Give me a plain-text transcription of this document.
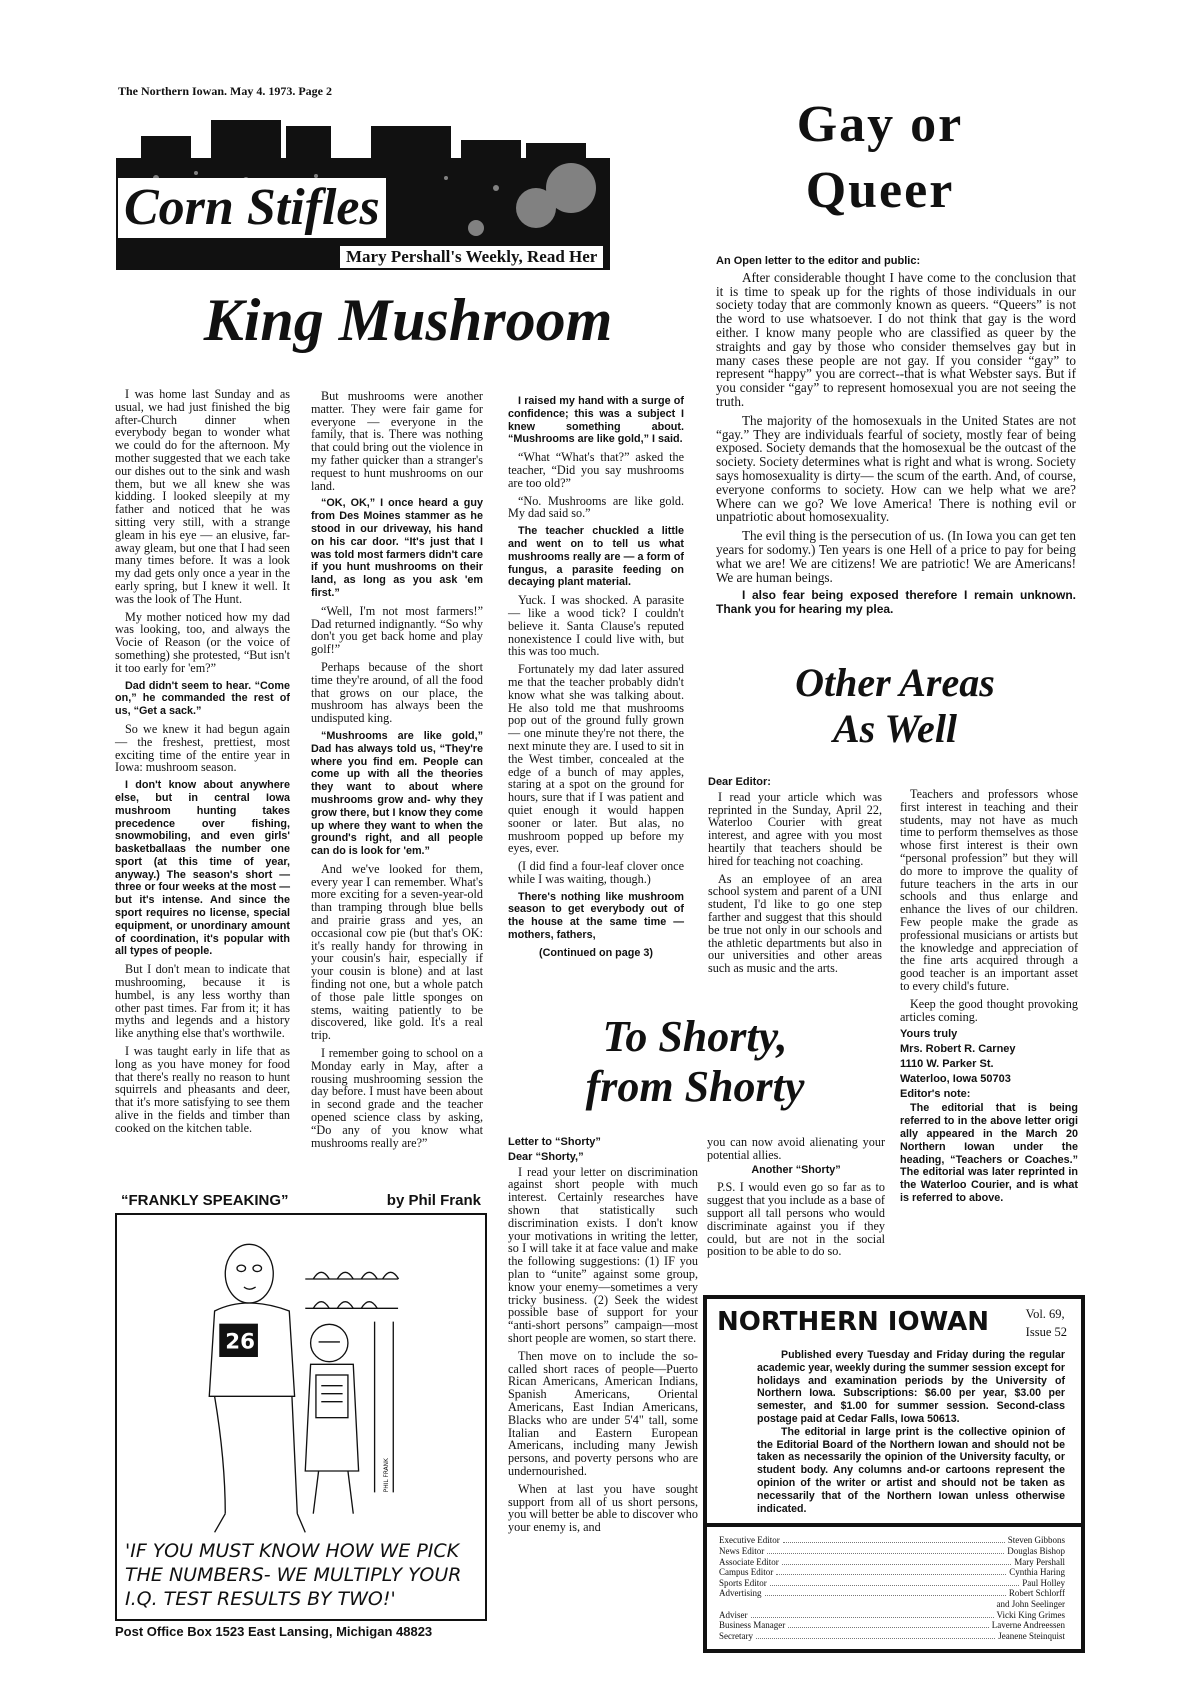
The Northern Iowan. May 4. 1973. Page 2
Corn Stifles
Mary Pershall's Weekly, Read Her
King Mushroom

I was home last Sunday and as usual, we had just finished the big after-Church dinner when everybody began to wonder what we could do for the afternoon. My mother suggested that we each take our dishes out to the sink and wash them, but we all knew she was kidding. I looked sleepily at my father and noticed that he was sitting very still, with a strange gleam in his eye — an elusive, far-away gleam, but one that I had seen many times before. It was a look my dad gets only once a year in the early spring, but I knew it well. It was the look of The Hunt.

My mother noticed how my dad was looking, too, and always the Vocie of Reason (or the voice of something) she protested, “But isn't it too early for 'em?”

Dad didn't seem to hear. “Come on,” he commanded the rest of us, “Get a sack.”

So we knew it had begun again — the freshest, prettiest, most exciting time of the entire year in Iowa: mushroom season.

I don't know about anywhere else, but in central Iowa mushroom hunting takes precedence over fishing, snowmobiling, and even girls' basketballaas the number one sport (at this time of year, anyway.) The season's short — three or four weeks at the most — but it's intense. And since the sport requires no license, special equipment, or unordinary amount of coordination, it's popular with all types of people.

But I don't mean to indicate that mushrooming, because it is humbel, is any less worthy than other past times. Far from it; it has myths and legends and a history like anything else that's worthwile.

I was taught early in life that as long as you have money for food that there's really no reason to hunt squirrels and pheasants and deer, that it's more satisfying to see them alive in the fields and timber than cooked on the kitchen table.

But mushrooms were another matter. They were fair game for everyone — everyone in the family, that is. There was nothing that could bring out the violence in my father quicker than a stranger's request to hunt mushrooms on our land.

“OK, OK,” I once heard a guy from Des Moines stammer as he stood in our driveway, his hand on his car door. “It's just that I was told most farmers didn't care if you hunt mushrooms on their land, as long as you ask 'em first.”

“Well, I'm not most farmers!” Dad returned indignantly. “So why don't you get back home and play golf!”

Perhaps because of the short time they're around, of all the food that grows on our place, the mushroom has always been the undisputed king.

“Mushrooms are like gold,” Dad has always told us, “They're where you find em. People can come up with all the theories they want to about where mushrooms grow and- why they grow there, but I know they come up where they want to when the ground's right, and all people can do is look for 'em.”

And we've looked for them, every year I can remember. What's more exciting for a seven-year-old than tramping through blue bells and prairie grass and yes, an occasional cow pie (but that's OK: it's really handy for throwing in your cousin's hair, especially if your cousin is blone) and at last finding not one, but a whole patch of those pale little sponges on stems, waiting patiently to be discovered, like gold. It's a real trip.

I remember going to school on a Monday early in May, after a rousing mushrooming session the day before. I must have been about in second grade and the teacher opened science class by asking, “Do any of you know what mushrooms really are?”

I raised my hand with a surge of confidence; this was a subject I knew something about. “Mushrooms are like gold,” I said.

“What “What's that?” asked the teacher, “Did you say mushrooms are too old?”

“No. Mushrooms are like gold. My dad said so.”

The teacher chuckled a little and went on to tell us what mushrooms really are — a form of fungus, a parasite feeding on decaying plant material.

Yuck. I was shocked. A parasite — like a wood tick? I couldn't believe it. Santa Clause's reputed nonexistence I could live with, but this was too much.

Fortunately my dad later assured me that the teacher probably didn't know what she was talking about. He also told me that mushrooms pop out of the ground fully grown — one minute they're not there, the next minute they are. I used to sit in the West timber, concealed at the edge of a bunch of may apples, staring at a spot on the ground for hours, sure that if I was patient and quiet enough it would happen sooner or later. But alas, no mushroom popped up before my eyes, ever.

(I did find a four-leaf clover once while I was waiting, though.)

There's nothing like mushroom season to get everybody out of the house at the same time — mothers, fathers,

(Continued on page 3)

Gay or
Queer

An Open letter to the editor and public:

After considerable thought I have come to the conclusion that it is time to speak up for the rights of those individuals in our society today that are commonly known as queers. “Queers” is not the word to use whatsoever. I do not think that gay is the word either. I know many people who are classified as queer by the straights and gay by those who consider themselves gay but in many cases these people are not gay. If you consider “gay” to represent “happy” you are correct--that is what Webster says. But if you consider “gay” to represent homosexual you are not seeing the truth.

The majority of the homosexuals in the United States are not “gay.” They are individuals fearful of society, mostly fear of being exposed. Society demands that the homosexual be the outcast of the society. Society determines what is right and what is wrong. Society says homosexuality is dirty— the scum of the earth. And, of course, everyone conforms to society. How can we help what we are? Where can we go? We love America! There is nothing evil or unpatriotic about homosexuality.

The evil thing is the persecution of us. (In Iowa you can get ten years for sodomy.) Ten years is one Hell of a price to pay for being what we are! We are citizens! We are patriotic! We are Americans! We are human beings.

I also fear being exposed therefore I remain unknown. Thank you for hearing my plea.

Other Areas
As Well

Dear Editor:

I read your article which was reprinted in the Sunday, April 22, Waterloo Courier with great interest, and agree with you most heartily that teachers should be hired for teaching not coaching.

As an employee of an area school system and parent of a UNI student, I'd like to go one step farther and suggest that this should be true not only in our schools and the athletic departments but also in our universities and other areas such as music and the arts.

Teachers and professors whose first interest in teaching and their students, may not have as much time to perform themselves as those whose first interest is their own “personal profession” but they will do more to improve the quality of future teachers in the arts in our schools and thus enlarge and enhance the lives of our children. Few people make the grade as professional musicians or artists but the knowledge and appreciation of the fine arts acquired through a good teacher is an important asset to every child's future.

Keep the good thought provoking articles coming.

Yours truly

Mrs. Robert R. Carney

1110 W. Parker St.

Waterloo, Iowa 50703

Editor's note:

The editorial that is being referred to in the above letter origi ally appeared in the March 20 Northern Iowan under the heading, “Teachers or Coaches.” The editorial was later reprinted in the Waterloo Courier, and is what is referred to above.

To Shorty,
from Shorty

Letter to “Shorty”

Dear “Shorty,”

I read your letter on discrimination against short people with much interest. Certainly researches have shown that statistically such discrimination exists. I don't know your motivations in writing the letter, so I will take it at face value and make the following suggestions: (1) IF you plan to “unite” against some group, know your enemy—sometimes a very tricky business. (2) Seek the widest possible base of support for your “anti-short persons” campaign—most short people are women, so start there.

Then move on to include the so-called short races of people—Puerto Rican Americans, American Indians, Spanish Americans, Oriental Americans, East Indian Americans, Blacks who are under 5'4" tall, some Italian and Eastern European Americans, including many Jewish persons, and poverty persons who are undernourished.

When at last you have sought support from all of us short persons, you will better be able to discover who your enemy is, and

you can now avoid alienating your potential allies.

Another “Shorty”

P.S. I would even go so far as to suggest that you include as a base of support all tall persons who would discriminate against you if they could, but are not in the social position to be able to do so.

“FRANKLY SPEAKING”	by Phil Frank
26
PHIL FRANK
'IF YOU MUST KNOW HOW WE PICK THE NUMBERS- WE MULTIPLY YOUR I.Q. TEST RESULTS BY TWO!'
Post Office Box 1523 East Lansing, Michigan 48823
NORTHERN IOWAN	Vol. 69,
Issue 52

Published every Tuesday and Friday during the regular academic year, weekly during the summer session except for holidays and examination periods by the University of Northern Iowa. Subscriptions: $6.00 per year, $3.00 per semester, and $1.00 for summer session. Second-class postage paid at Cedar Falls, Iowa 50613.

The editorial in large print is the collective opinion of the Editorial Board of the Northern Iowan and should not be taken as necessarily the opinion of the University faculty, or student body. Any columns and-or cartoons represent the opinion of the writer or artist and should not be taken as necessarily that of the Northern Iowan unless otherwise indicated.

Executive Editor	Steven Gibbons
News Editor	Douglas Bishop
Associate Editor	Mary Pershall
Campus Editor	Cynthia Haring
Sports Editor	Paul Holley
Advertising	Robert Schlorff
and John Seelinger
Adviser	Vicki King Grimes
Business Manager	Laverne Andreessen
Secretary	Jeanene Steinquist
